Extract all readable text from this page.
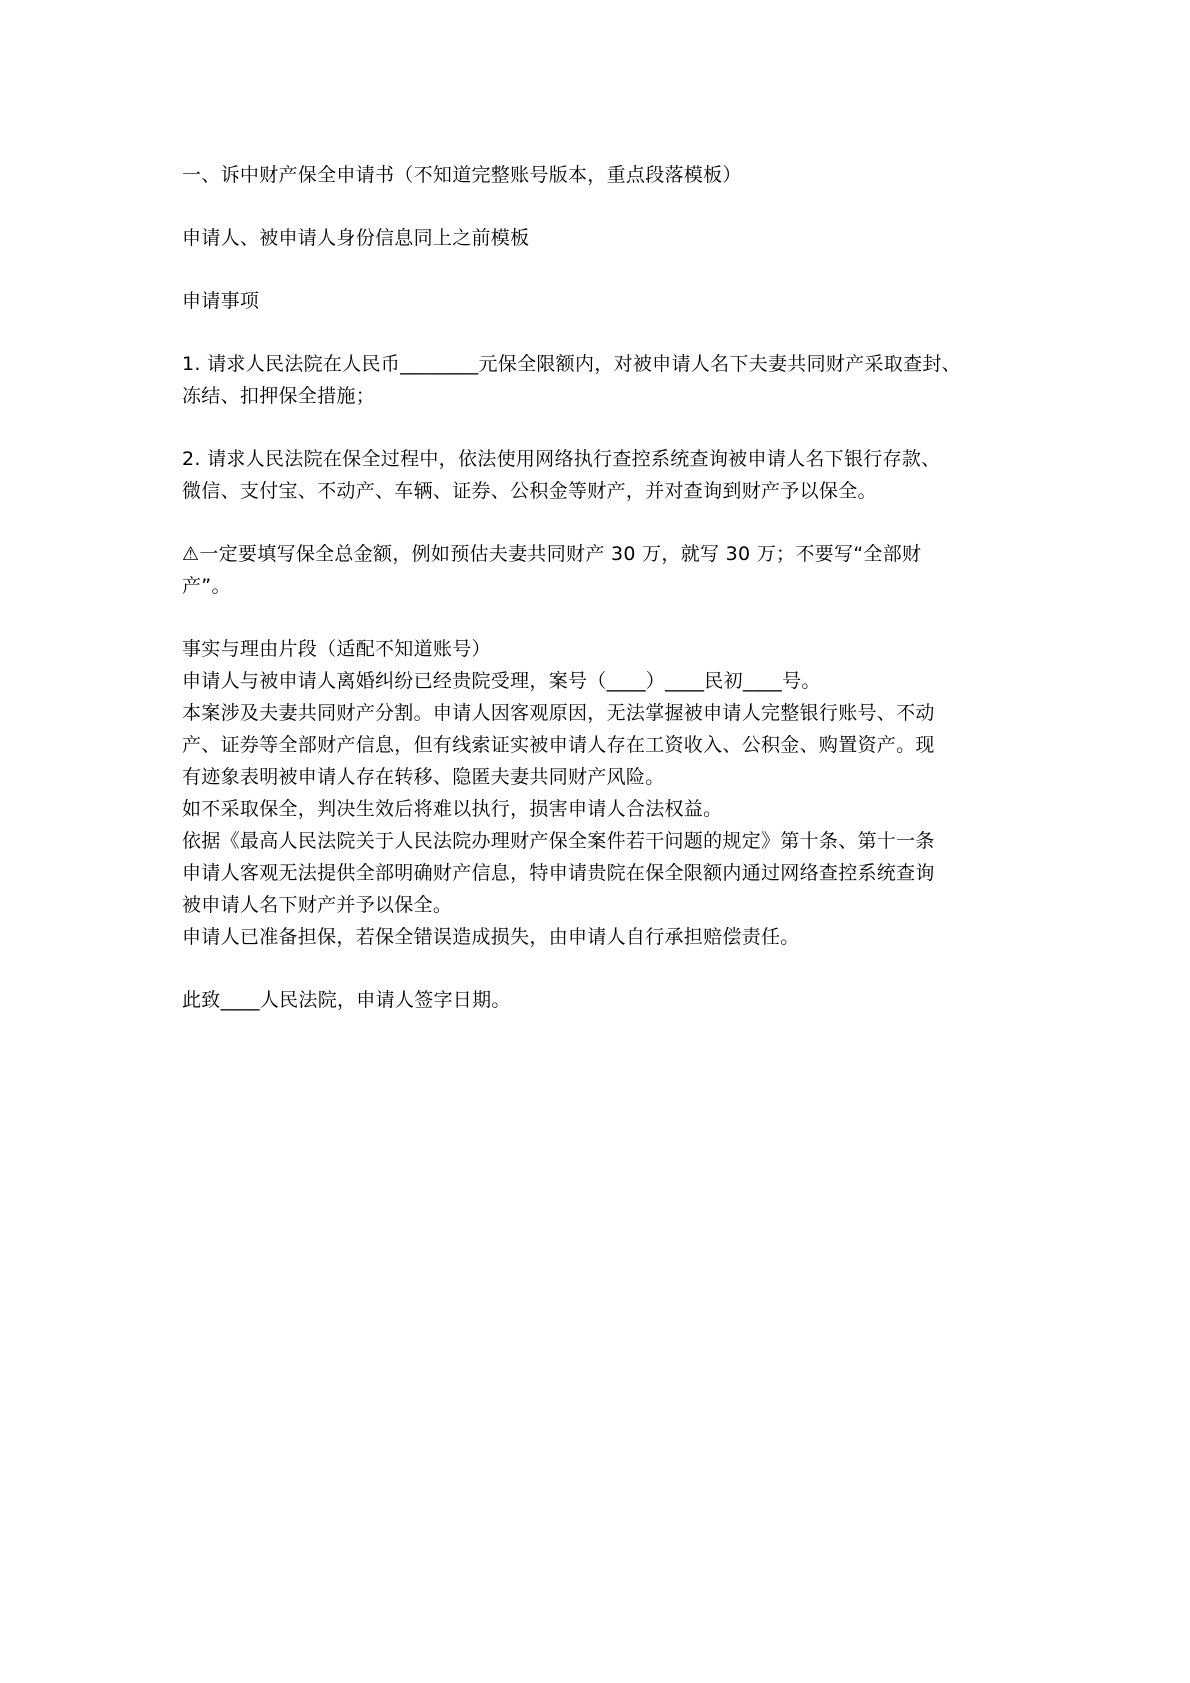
一、诉中财产保全申请书（不知道完整账号版本，重点段落模板）

申请人、被申请人身份信息同上之前模板

申请事项

1. 请求人民法院在人民币________元保全限额内，对被申请人名下夫妻共同财产采取查封、

冻结、扣押保全措施；

2. 请求人民法院在保全过程中，依法使用网络执行查控系统查询被申请人名下银行存款、

微信、支付宝、不动产、车辆、证券、公积金等财产，并对查询到财产予以保全。

⚠一定要填写保全总金额，例如预估夫妻共同财产 30 万，就写 30 万；不要写“全部财

产”。

事实与理由片段（适配不知道账号）

申请人与被申请人离婚纠纷已经贵院受理，案号（____）____民初____号。

本案涉及夫妻共同财产分割。申请人因客观原因，无法掌握被申请人完整银行账号、不动

产、证券等全部财产信息，但有线索证实被申请人存在工资收入、公积金、购置资产。现

有迹象表明被申请人存在转移、隐匿夫妻共同财产风险。

如不采取保全，判决生效后将难以执行，损害申请人合法权益。

依据《最高人民法院关于人民法院办理财产保全案件若干问题的规定》第十条、第十一条

申请人客观无法提供全部明确财产信息，特申请贵院在保全限额内通过网络查控系统查询

被申请人名下财产并予以保全。

申请人已准备担保，若保全错误造成损失，由申请人自行承担赔偿责任。

此致____人民法院，申请人签字日期。
